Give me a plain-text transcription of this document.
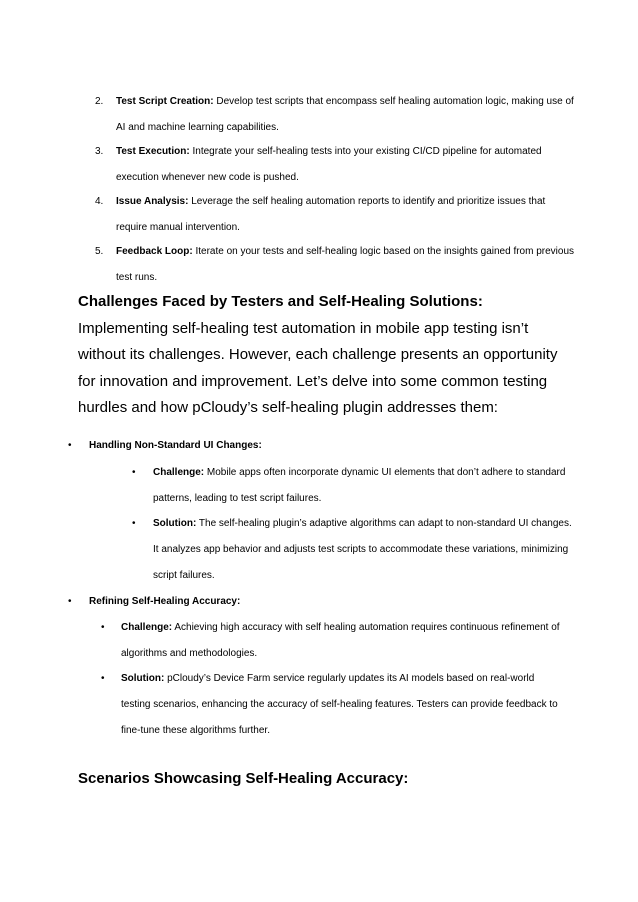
2.	Test Script Creation: Develop test scripts that encompass self healing automation logic, making use of AI and machine learning capabilities.
3.	Test Execution: Integrate your self-healing tests into your existing CI/CD pipeline for automated execution whenever new code is pushed.
4.	Issue Analysis: Leverage the self healing automation reports to identify and prioritize issues that require manual intervention.
5.	Feedback Loop: Iterate on your tests and self-healing logic based on the insights gained from previous test runs.
Challenges Faced by Testers and Self-Healing Solutions: Implementing self-healing test automation in mobile app testing isn’t without its challenges. However, each challenge presents an opportunity for innovation and improvement. Let’s delve into some common testing hurdles and how pCloudy’s self-healing plugin addresses them:
• Handling Non-Standard UI Changes:
• Challenge: Mobile apps often incorporate dynamic UI elements that don’t adhere to standard patterns, leading to test script failures.
• Solution: The self-healing plugin’s adaptive algorithms can adapt to non-standard UI changes. It analyzes app behavior and adjusts test scripts to accommodate these variations, minimizing script failures.
• Refining Self-Healing Accuracy:
• Challenge: Achieving high accuracy with self healing automation requires continuous refinement of algorithms and methodologies.
• Solution: pCloudy’s Device Farm service regularly updates its AI models based on real-world testing scenarios, enhancing the accuracy of self-healing features. Testers can provide feedback to fine-tune these algorithms further.
Scenarios Showcasing Self-Healing Accuracy:
